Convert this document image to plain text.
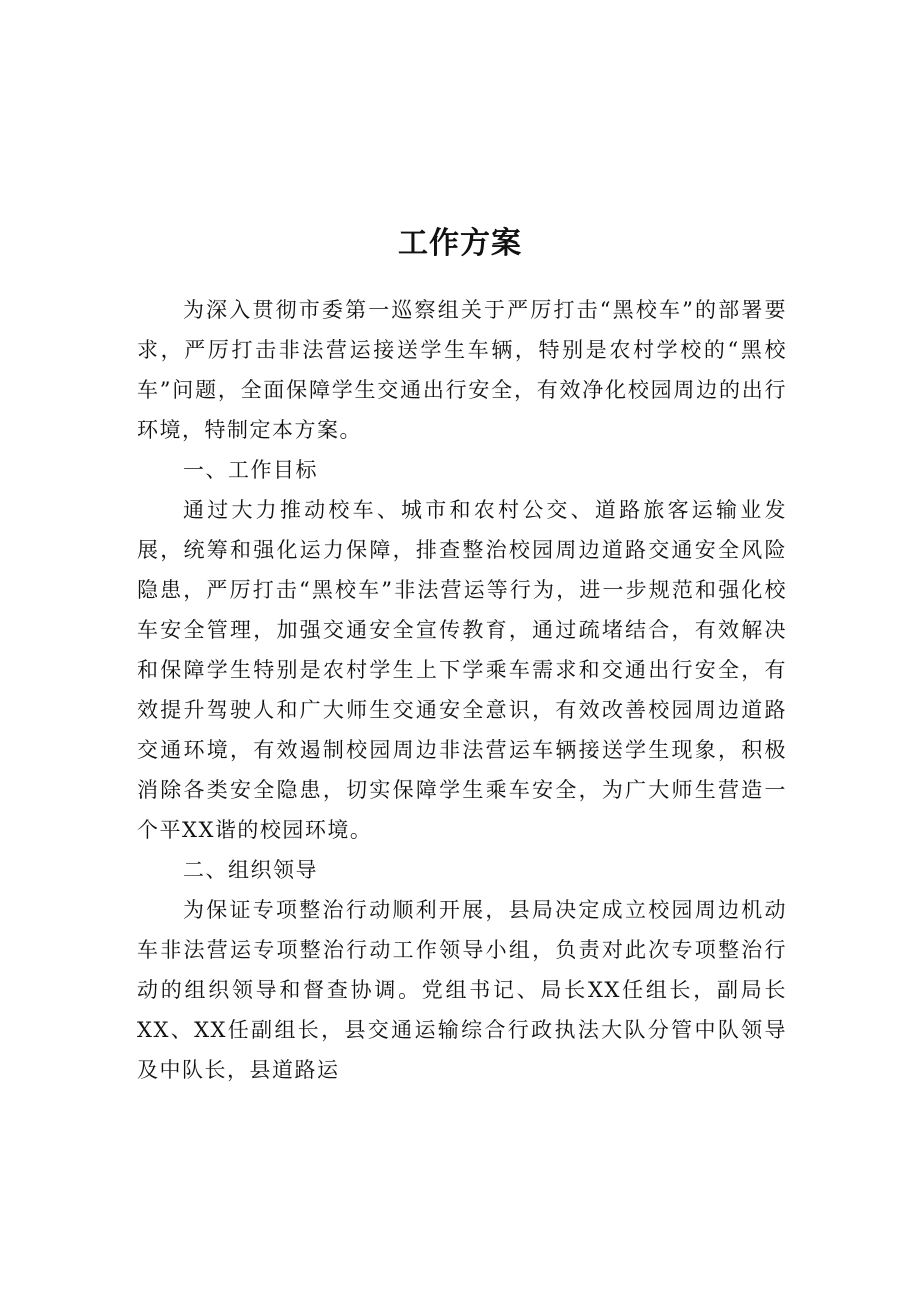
工作方案

为深入贯彻市委第一巡察组关于严厉打击“黑校车”的部署要求，严厉打击非法营运接送学生车辆，特别是农村学校的“黑校车”问题，全面保障学生交通出行安全，有效净化校园周边的出行环境，特制定本方案。

一、工作目标

通过大力推动校车、城市和农村公交、道路旅客运输业发展，统筹和强化运力保障，排查整治校园周边道路交通安全风险隐患，严厉打击“黑校车”非法营运等行为，进一步规范和强化校车安全管理，加强交通安全宣传教育，通过疏堵结合，有效解决和保障学生特别是农村学生上下学乘车需求和交通出行安全，有效提升驾驶人和广大师生交通安全意识，有效改善校园周边道路交通环境，有效遏制校园周边非法营运车辆接送学生现象，积极消除各类安全隐患，切实保障学生乘车安全，为广大师生营造一个平XX谐的校园环境。

二、组织领导

为保证专项整治行动顺利开展，县局决定成立校园周边机动车非法营运专项整治行动工作领导小组，负责对此次专项整治行动的组织领导和督查协调。党组书记、局长XX任组长，副局长XX、XX任副组长，县交通运输综合行政执法大队分管中队领导及中队长，县道路运
